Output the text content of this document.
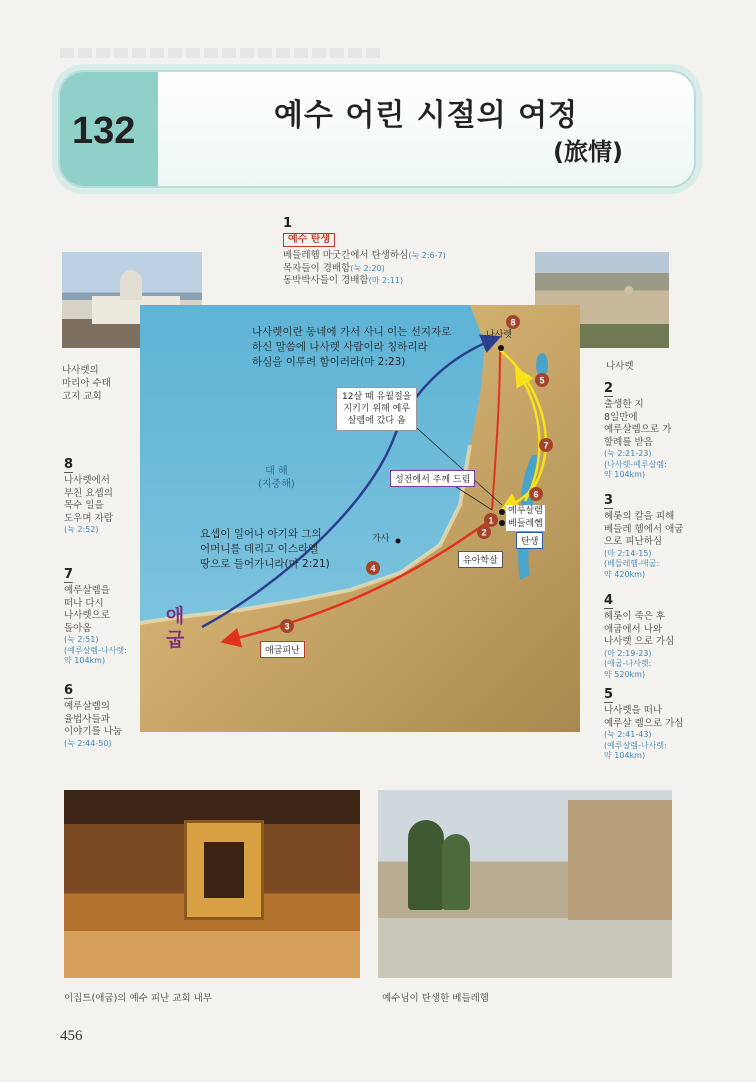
132	예수 어린 시절의 여정
(旅情)
나사렛의
마리아 수태
고지 교회
나사렛
1
예수 탄생
베들레헴 마굿간에서 탄생하심(눅 2:6-7)
목자들이 경배함(눅 2:20)
동박박사들이 경배함(마 2:11)
8
나사렛에서
부친 요셉의
목수 일을
도우며 자람
(눅 2:52)
7
예루살렘을
떠나 다시
나사렛으로
돌아옴
(눅 2:51)
(예루살렘-나사렛:
약 104km)
6
예루살렘의
율법사들과
이야기를 나눔
(눅 2:44-50)
2
출생한 지
8일만에
예루살렘으로 가
할례를 받음
(눅 2:21-23)
(나사렛-예루살렘:
약 104km)
3
헤롯의 칼을 피해
베들레 헴에서 애굽
으로 피난하심
(마 2:14-15)
(베들레헴-애굽:
약 420km)
4
헤롯이 죽은 후
애굽에서 나와
나사렛 으로 가심
(마 2:19-23)
(애굽-나사렛:
약 520km)
5
나사렛을 떠나
예루살 렘으로 가심
(눅 2:41-43)
(예루살렘-나사렛:
약 104km)
1
2
3
4
5
6
7
8
나사렛이란 동네에 가서 사니 이는 선지자로
하신 말씀에 나사렛 사람이라 칭하리라
하심을 이루려 함이러라(마 2:23)
요셉이 일어나 아기와 그의
어머니를 데리고 이스라엘
땅으로 들어가니라(마 2:21)
12살 때 유월절을
지키기 위해 예루
살렘에 갔다 옴
성전에서 주께 드림
대 해
(지중해)
나사렛
예루살렘
베들레헴
가사	탄생
유아학살
애굽피난
애굽
이집트(애굽)의 예수 피난 교회 내부	예수님이 탄생한 베들레헴
456
